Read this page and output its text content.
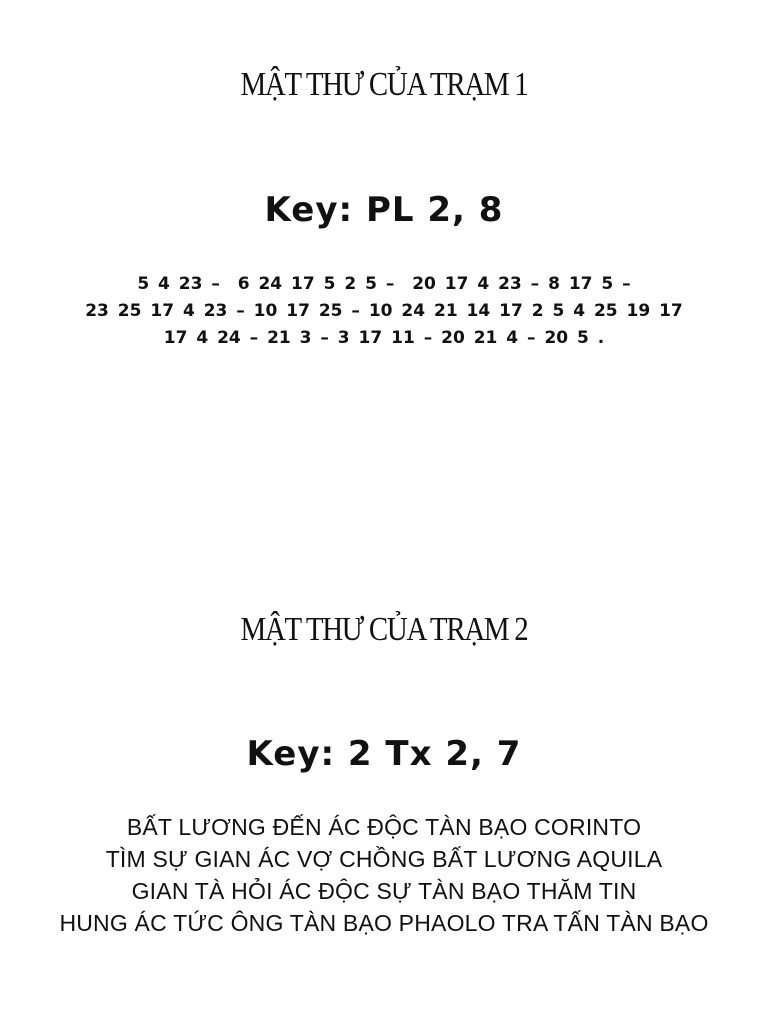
MẬT THƯ CỦA TRẠM 1

Key: PL 2, 8

5 4 23 –  6 24 17 5 2 5 –  20 17 4 23 – 8 17 5 –
23 25 17 4 23 – 10 17 25 – 10 24 21 14 17 2 5 4 25 19 17
17 4 24 – 21 3 – 3 17 11 – 20 21 4 – 20 5 .
MẬT THƯ CỦA TRẠM 2

Key: 2 Tx 2, 7

BẤT LƯƠNG ĐẾN ÁC ĐỘC TÀN BẠO CORINTO
TÌM SỰ GIAN ÁC VỢ CHỒNG BẤT LƯƠNG AQUILA
GIAN TÀ HỎI ÁC ĐỘC SỰ TÀN BẠO THĂM TIN
HUNG ÁC TỨC ÔNG TÀN BẠO PHAOLO TRA TẤN TÀN BẠO
